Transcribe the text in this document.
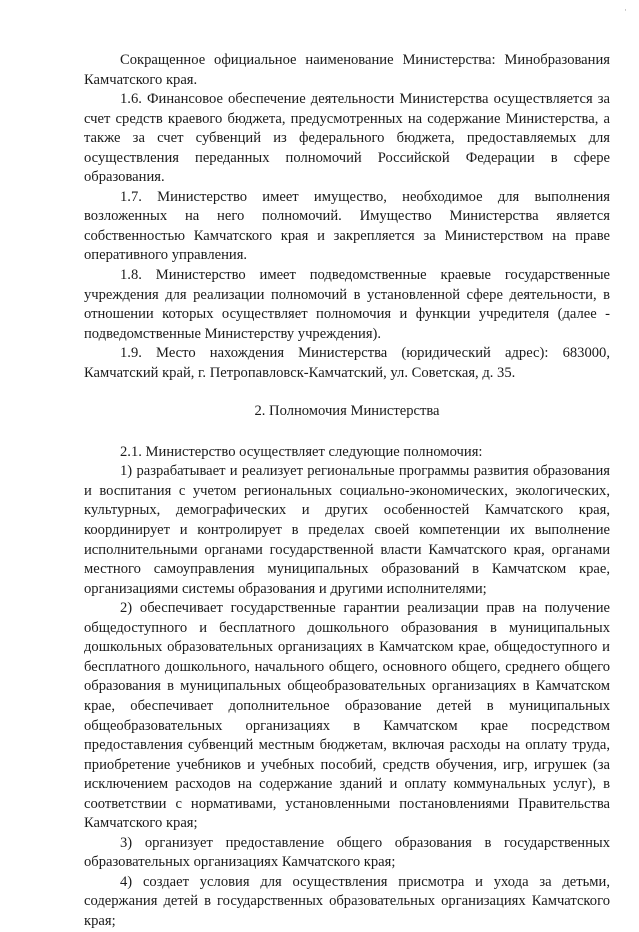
·

Сокращенное официальное наименование Министерства: Минобразования Камчатского края.

1.6. Финансовое обеспечение деятельности Министерства осуществляется за счет средств краевого бюджета, предусмотренных на содержание Министерства, а также за счет субвенций из федерального бюджета, предоставляемых для осуществления переданных полномочий Российской Федерации в сфере образования.

1.7. Министерство имеет имущество, необходимое для выполнения возложенных на него полномочий. Имущество Министерства является собственностью Камчатского края и закрепляется за Министерством на праве оперативного управления.

1.8. Министерство имеет подведомственные краевые государственные учреждения для реализации полномочий в установленной сфере деятельности, в отношении которых осуществляет полномочия и функции учредителя (далее - подведомственные Министерству учреждения).

1.9. Место нахождения Министерства (юридический адрес): 683000, Камчатский край, г. Петропавловск-Камчатский, ул. Советская, д. 35.

2. Полномочия Министерства

2.1. Министерство осуществляет следующие полномочия:

1) разрабатывает и реализует региональные программы развития образования и воспитания с учетом региональных социально-экономических, экологических, культурных, демографических и других особенностей Камчатского края, координирует и контролирует в пределах своей компетенции их выполнение исполнительными органами государственной власти Камчатского края, органами местного самоуправления муниципальных образований в Камчатском крае, организациями системы образования и другими исполнителями;

2) обеспечивает государственные гарантии реализации прав на получение общедоступного и бесплатного дошкольного образования в муниципальных дошкольных образовательных организациях в Камчатском крае, общедоступного и бесплатного дошкольного, начального общего, основного общего, среднего общего образования в муниципальных общеобразовательных организациях в Камчатском крае, обеспечивает дополнительное образование детей в муниципальных общеобразовательных организациях в Камчатском крае посредством предоставления субвенций местным бюджетам, включая расходы на оплату труда, приобретение учебников и учебных пособий, средств обучения, игр, игрушек (за исключением расходов на содержание зданий и оплату коммунальных услуг), в соответствии с нормативами, установленными постановлениями Правительства Камчатского края;

3) организует предоставление общего образования в государственных образовательных организациях Камчатского края;

4) создает условия для осуществления присмотра и ухода за детьми, содержания детей в государственных образовательных организациях Камчатского края;
